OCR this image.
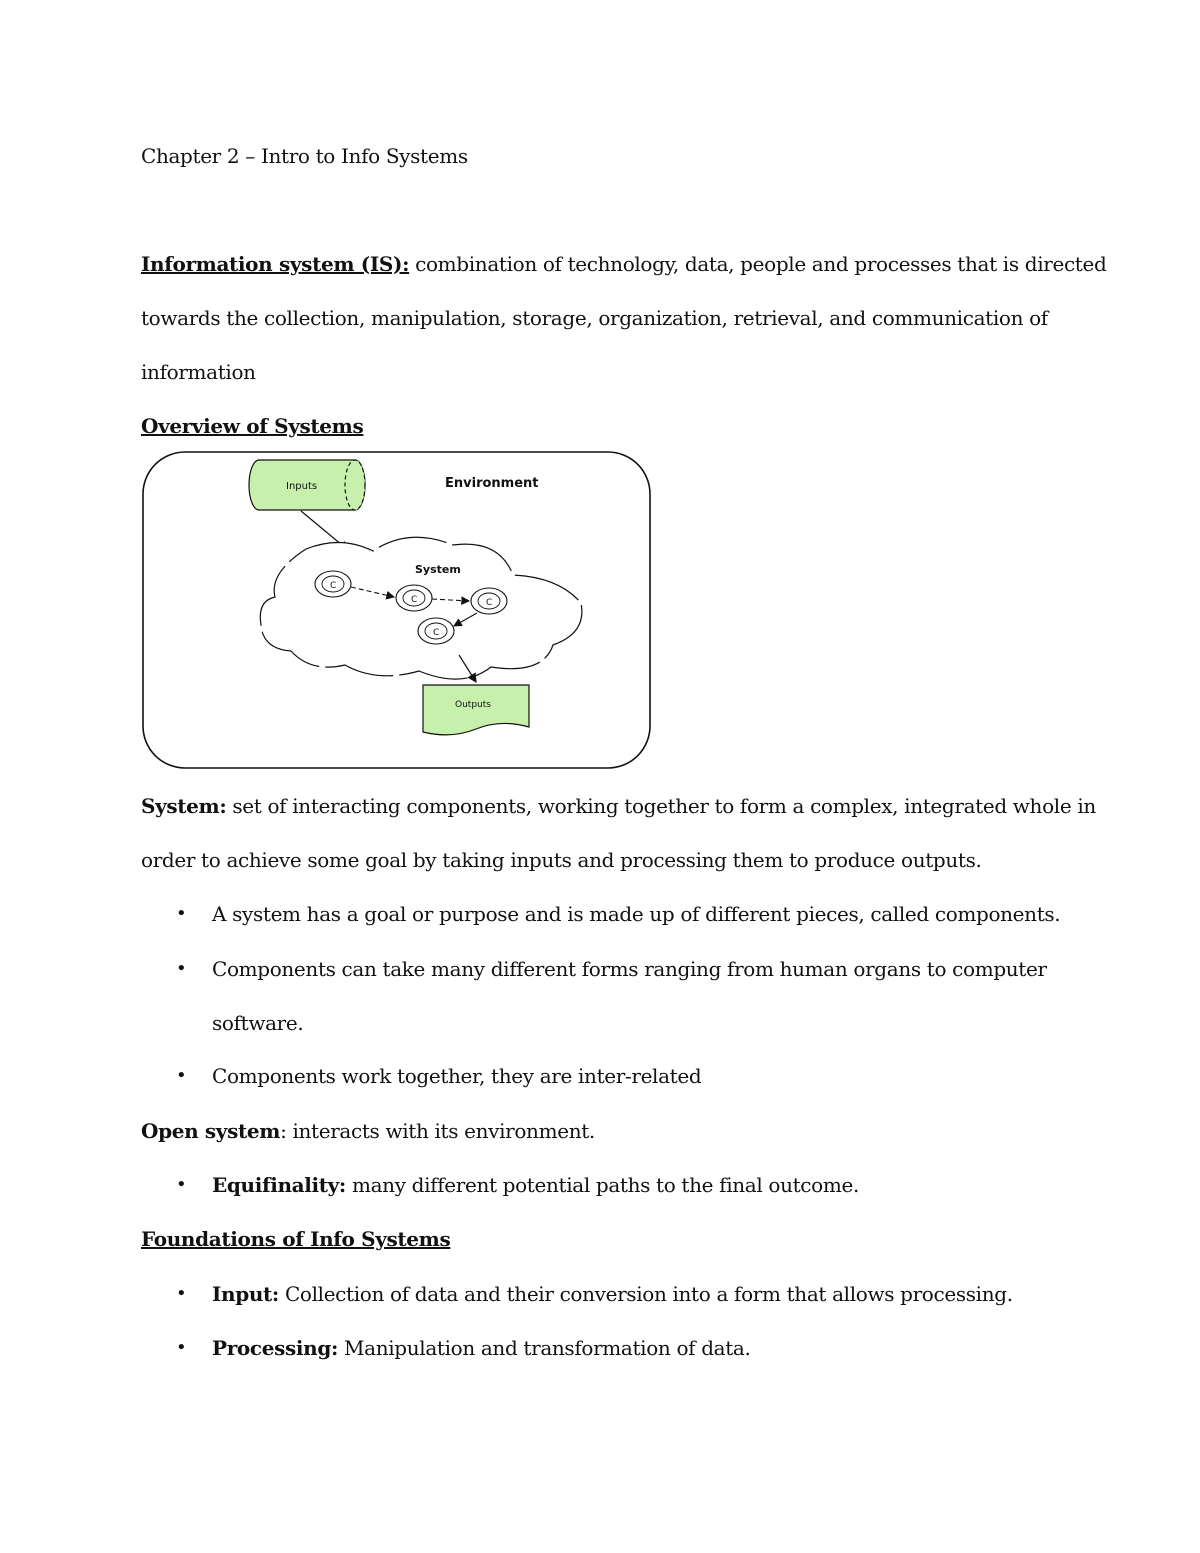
Chapter 2 – Intro to Info Systems
Information system (IS): combination of technology, data, people and processes that is directed
towards the collection, manipulation, storage, organization, retrieval, and communication of
information
Overview of Systems
Environment
Inputs
System
C
C	C
C
Outputs
System: set of interacting components, working together to form a complex, integrated whole in
order to achieve some goal by taking inputs and processing them to produce outputs.
• A system has a goal or purpose and is made up of different pieces, called components.
• Components can take many different forms ranging from human organs to computer
software.
• Components work together, they are inter-related
Open system: interacts with its environment.
• Equifinality: many different potential paths to the final outcome.
Foundations of Info Systems
• Input: Collection of data and their conversion into a form that allows processing.
• Processing: Manipulation and transformation of data.
